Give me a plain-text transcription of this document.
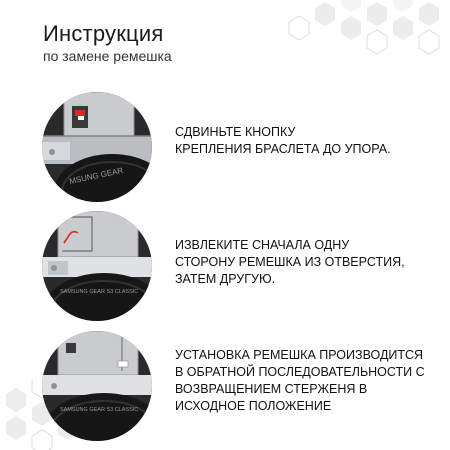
Инструкция
по замене ремешка
MSUNG GEAR
СДВИНЬТЕ КНОПКУ
КРЕПЛЕНИЯ БРАСЛЕТА ДО УПОРА.
SAMSUNG GEAR S3 CLASSIC
ИЗВЛЕКИТЕ СНАЧАЛА ОДНУ
СТОРОНУ РЕМЕШКА ИЗ ОТВЕРСТИЯ,
ЗАТЕМ ДРУГУЮ.
SAMSUNG GEAR S3 CLASSIC
УСТАНОВКА РЕМЕШКА ПРОИЗВОДИТСЯ
В ОБРАТНОЙ ПОСЛЕДОВАТЕЛЬНОСТИ С
ВОЗВРАЩЕНИЕМ СТЕРЖЕНЯ В
ИСХОДНОЕ ПОЛОЖЕНИЕ
